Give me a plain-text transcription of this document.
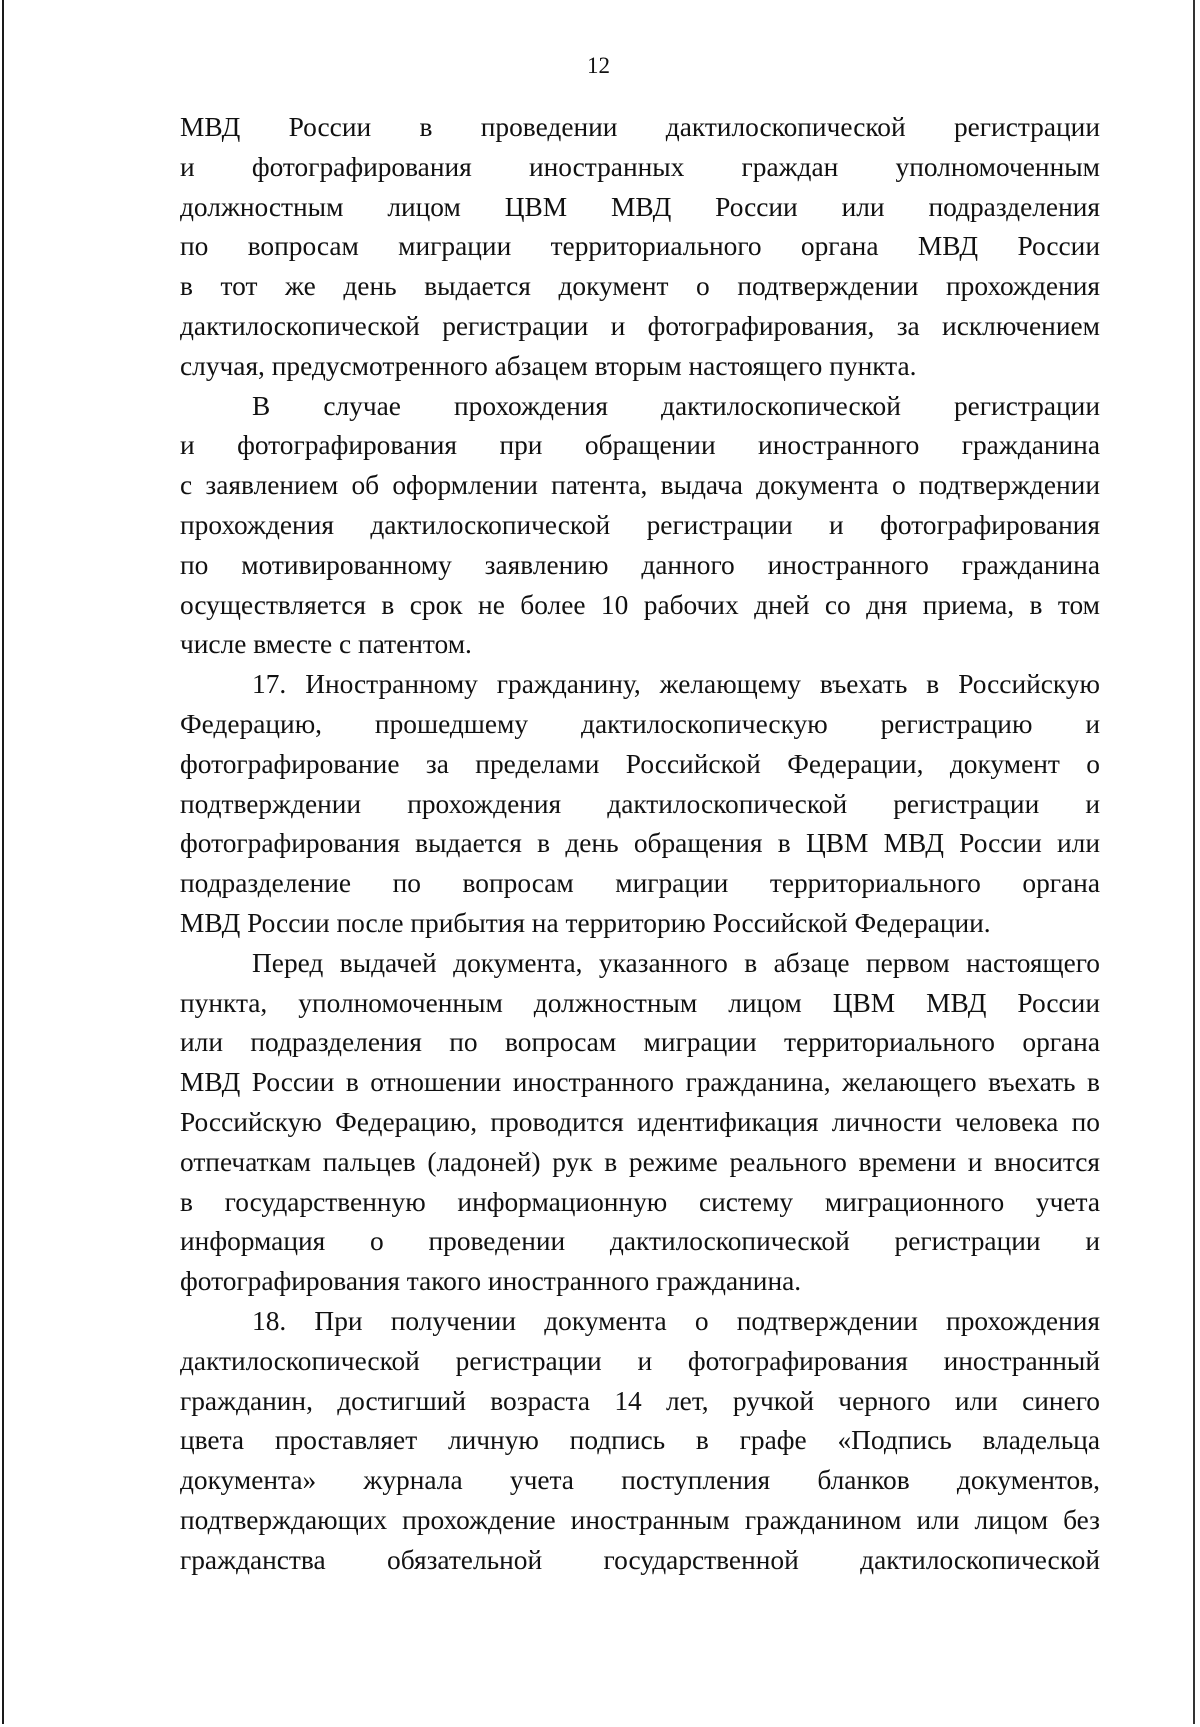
12
МВД России в проведении дактилоскопической регистрации
и фотографирования иностранных граждан уполномоченным
должностным лицом ЦВМ МВД России или подразделения
по вопросам миграции территориального органа МВД России
в тот же день выдается документ о подтверждении прохождения
дактилоскопической регистрации и фотографирования, за исключением
случая, предусмотренного абзацем вторым настоящего пункта.
В случае прохождения дактилоскопической регистрации
и фотографирования при обращении иностранного гражданина
с заявлением об оформлении патента, выдача документа о подтверждении
прохождения дактилоскопической регистрации и фотографирования
по мотивированному заявлению данного иностранного гражданина
осуществляется в срок не более 10 рабочих дней со дня приема, в том
числе вместе с патентом.
17. Иностранному гражданину, желающему въехать в Российскую
Федерацию, прошедшему дактилоскопическую регистрацию и
фотографирование за пределами Российской Федерации, документ о
подтверждении прохождения дактилоскопической регистрации и
фотографирования выдается в день обращения в ЦВМ МВД России или
подразделение по вопросам миграции территориального органа
МВД России после прибытия на территорию Российской Федерации.
Перед выдачей документа, указанного в абзаце первом настоящего
пункта, уполномоченным должностным лицом ЦВМ МВД России
или подразделения по вопросам миграции территориального органа
МВД России в отношении иностранного гражданина, желающего въехать в
Российскую Федерацию, проводится идентификация личности человека по
отпечаткам пальцев (ладоней) рук в режиме реального времени и вносится
в государственную информационную систему миграционного учета
информация о проведении дактилоскопической регистрации и
фотографирования такого иностранного гражданина.
18. При получении документа о подтверждении прохождения
дактилоскопической регистрации и фотографирования иностранный
гражданин, достигший возраста 14 лет, ручкой черного или синего
цвета проставляет личную подпись в графе «Подпись владельца
документа» журнала учета поступления бланков документов,
подтверждающих прохождение иностранным гражданином или лицом без
гражданства обязательной государственной дактилоскопической
